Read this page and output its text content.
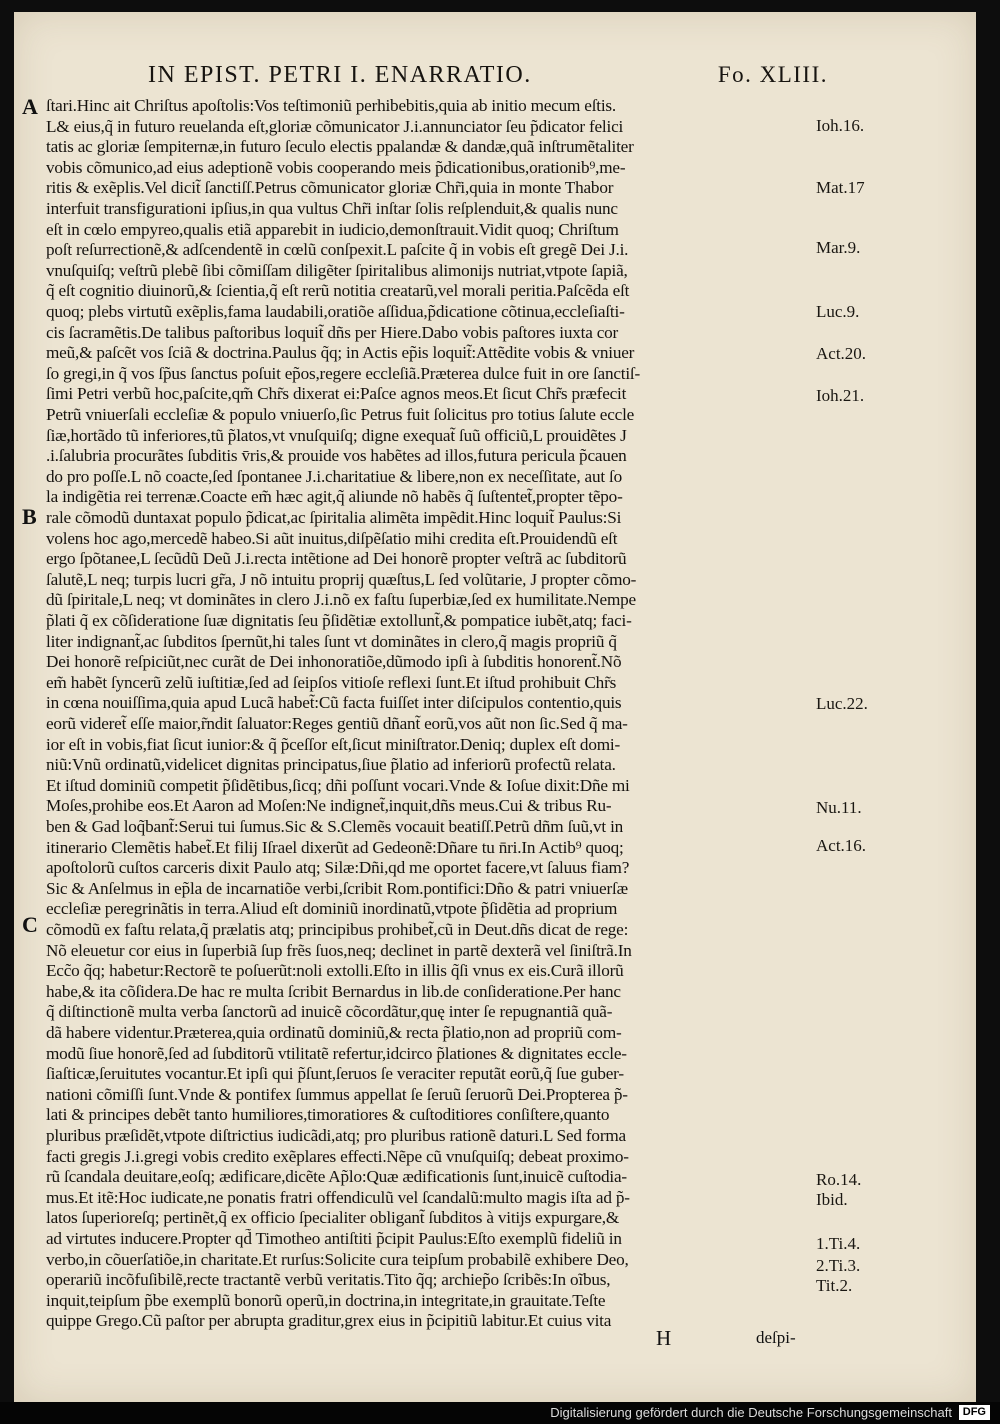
IN EPIST. PETRI I. ENARRATIO.	Fo. XLIII.
A
B
C
ſtari.Hinc ait Chriſtus apoſtolis:Vos teſtimoniũ perhibebitis,quia ab initio mecum eſtis.
L& eius,q̃ in futuro reuelanda eſt,gloriæ cõmunicator J.i.annunciator ſeu p̃dicator felici
tatis ac gloriæ ſempiternæ,in futuro ſeculo electis ppalandæ & dandæ,quã inſtrumẽtaliter
vobis cõmunico,ad eius adeptionẽ vobis cooperando meis p̃dicationibus,orationib⁹,me-
ritis & exẽplis.Vel dicit̃ ſanctiſſ.Petrus cõmunicator gloriæ Chr̃i,quia in monte Thabor
interfuit transfigurationi ipſius,in qua vultus Chr̃i inſtar ſolis reſplenduit,& qualis nunc
eſt in cœlo empyreo,qualis etiã apparebit in iudicio,demonſtrauit.Vidit quoq; Chriſtum
poſt reſurrectionẽ,& adſcendentẽ in cœlũ conſpexit.L paſcite q̃ in vobis eſt gregẽ Dei J.i.
vnuſquiſq; veſtrũ plebẽ ſibi cõmiſſam diligẽter ſpiritalibus alimonijs nutriat,vtpote ſapiã,
q̃ eſt cognitio diuinorũ,& ſcientia,q̃ eſt rerũ notitia creatarũ,vel morali peritia.Paſcẽda eſt
quoq; plebs virtutũ exẽplis,fama laudabili,oratiõe aſſidua,p̃dicatione cõtinua,eccleſiaſti-
cis ſacramẽtis.De talibus paſtoribus loquit̃ dñs per Hiere.Dabo vobis paſtores iuxta cor
meũ,& paſcẽt vos ſciã & doctrina.Paulus q̃q; in Actis ep̃is loquit̃:Attẽdite vobis & vniuer
ſo gregi,in q̃ vos ſp̃us ſanctus poſuit ep̃os,regere eccleſiã.Præterea dulce fuit in ore ſanctiſ-
ſimi Petri verbũ hoc,paſcite,qm̃ Chr̃s dixerat ei:Paſce agnos meos.Et ſicut Chr̃s præfecit
Petrũ vniuerſali eccleſiæ & populo vniuerſo,ſic Petrus fuit ſolicitus pro totius ſalute eccle
ſiæ,hortãdo tũ inferiores,tũ p̃latos,vt vnuſquiſq; digne exequat̃ ſuũ officiũ,L prouidẽtes J
.i.ſalubria procurãtes ſubditis v̄ris,& prouide vos habẽtes ad illos,futura pericula p̃cauen
do pro poſſe.L nõ coacte,ſed ſpontanee J.i.charitatiue & libere,non ex neceſſitate, aut ſo
la indigẽtia rei terrenæ.Coacte em̃ hæc agit,q̃ aliunde nõ habẽs q̃ ſuſtentet̃,propter tẽpo-
rale cõmodũ duntaxat populo p̃dicat,ac ſpiritalia alimẽta impẽdit.Hinc loquit̃ Paulus:Si
volens hoc ago,mercedẽ habeo.Si aũt inuitus,diſpẽſatio mihi credita eſt.Prouidendũ eſt
ergo ſpõtanee,L ſecũdũ Deũ J.i.recta intẽtione ad Dei honorẽ propter veſtrã ac ſubditorũ
ſalutẽ,L neq; turpis lucri gr̃a, J nõ intuitu proprij quæſtus,L ſed volũtarie, J propter cõmo-
dũ ſpiritale,L neq; vt dominãtes in clero J.i.nõ ex faſtu ſuperbiæ,ſed ex humilitate.Nempe
p̃lati q̃ ex cõſideratione ſuæ dignitatis ſeu p̃ſidẽtiæ extollunt̃,& pompatice iubẽt,atq; faci-
liter indignant̃,ac ſubditos ſpernũt,hi tales ſunt vt dominãtes in clero,q̃ magis propriũ q̃
Dei honorẽ reſpiciũt,nec curãt de Dei inhonoratiõe,dũmodo ipſi à ſubditis honorent̃.Nõ
em̃ habẽt ſyncerũ zelũ iuſtitiæ,ſed ad ſeipſos vitioſe reflexi ſunt.Et iſtud prohibuit Chr̃s
in cœna nouiſſima,quia apud Lucã habet̃:Cũ facta fuiſſet inter diſcipulos contentio,quis
eorũ videret̃ eſſe maior,r̃ndit ſaluator:Reges gentiũ dñant̃ eorũ,vos aũt non ſic.Sed q̃ ma-
ior eſt in vobis,fiat ſicut iunior:& q̃ p̃ceſſor eſt,ſicut miniſtrator.Deniq; duplex eſt domi-
niũ:Vnũ ordinatũ,videlicet dignitas principatus,ſiue p̃latio ad inferiorũ profectũ relata.
Et iſtud dominiũ competit p̃ſidẽtibus,ſicq; dñi poſſunt vocari.Vnde & Ioſue dixit:Dñe mi
Moſes,prohibe eos.Et Aaron ad Moſen:Ne indignet̃,inquit,dñs meus.Cui & tribus Ru-
ben & Gad loq̃bant̃:Serui tui ſumus.Sic & S.Clemẽs vocauit beatiſſ.Petrũ dñm ſuũ,vt in
itinerario Clemẽtis habet̃.Et filij Iſrael dixerũt ad Gedeonẽ:Dñare tu n̄ri.In Actib⁹ quoq;
apoſtolorũ cuſtos carceris dixit Paulo atq; Silæ:Dñi,qd me oportet facere,vt ſaluus fiam?
Sic & Anſelmus in ep̃la de incarnatiõe verbi,ſcribit Rom.pontifici:Dño & patri vniuerſæ
eccleſiæ peregrinãtis in terra.Aliud eſt dominiũ inordinatũ,vtpote p̃ſidẽtia ad proprium
cõmodũ ex faſtu relata,q̃ prælatis atq; principibus prohibet̃,cũ in Deut.dñs dicat de rege:
Nõ eleuetur cor eius in ſuperbiã ſup frẽs ſuos,neq; declinet in partẽ dexterã vel ſiniſtrã.In
Ecc̃o q̃q; habetur:Rectorẽ te poſuerũt:noli extolli.Eſto in illis q̃ſi vnus ex eis.Curã illorũ
habe,& ita cõſidera.De hac re multa ſcribit Bernardus in lib.de conſideratione.Per hanc
q̃ diſtinctionẽ multa verba ſanctorũ ad inuicẽ cõcordãtur,quę inter ſe repugnantiã quã-
dã habere videntur.Præterea,quia ordinatũ dominiũ,& recta p̃latio,non ad propriũ com-
modũ ſiue honorẽ,ſed ad ſubditorũ vtilitatẽ refertur,idcirco p̃lationes & dignitates eccle-
ſiaſticæ,ſeruitutes vocantur.Et ipſi qui p̃ſunt,ſeruos ſe veraciter reputãt eorũ,q̃ ſue guber-
nationi cõmiſſi ſunt.Vnde & pontifex ſummus appellat ſe ſeruũ ſeruorũ Dei.Propterea p̃-
lati & principes debẽt tanto humiliores,timoratiores & cuſtoditiores conſiſtere,quanto
pluribus præſidẽt,vtpote diſtrictius iudicãdi,atq; pro pluribus rationẽ daturi.L Sed forma
facti gregis J.i.gregi vobis credito exẽplares effecti.Nẽpe cũ vnuſquiſq; debeat proximo-
rũ ſcandala deuitare,eoſq; ædificare,dicẽte Ap̃lo:Quæ ædificationis ſunt,inuicẽ cuſtodia-
mus.Et itẽ:Hoc iudicate,ne ponatis fratri offendiculũ vel ſcandalũ:multo magis iſta ad p̃-
latos ſuperioreſq; pertinẽt,q̃ ex officio ſpecialiter obligant̃ ſubditos à vitijs expurgare,&
ad virtutes inducere.Propter qd̃ Timotheo antiſtiti p̃cipit Paulus:Eſto exemplũ fideliũ in
verbo,in cõuerſatiõe,in charitate.Et rurſus:Solicite cura teipſum probabilẽ exhibere Deo,
operariũ incõfuſibilẽ,recte tractantẽ verbũ veritatis.Tito q̃q; archiep̃o ſcribẽs:In oĩbus,
inquit,teipſum p̃be exemplũ bonorũ operũ,in doctrina,in integritate,in grauitate.Teſte
quippe Grego.Cũ paſtor per abrupta graditur,grex eius in p̃cipitiũ labitur.Et cuius vita
Ioh.16.
Mat.17
Mar.9.
Luc.9.
Act.20.
Ioh.21.
Luc.22.
Nu.11.
Act.16.
Ro.14.
Ibid.
1.Ti.4.
2.Ti.3.
Tit.2.
H	deſpi-
Digitalisierung gefördert durch die Deutsche Forschungsgemeinschaft DFG
